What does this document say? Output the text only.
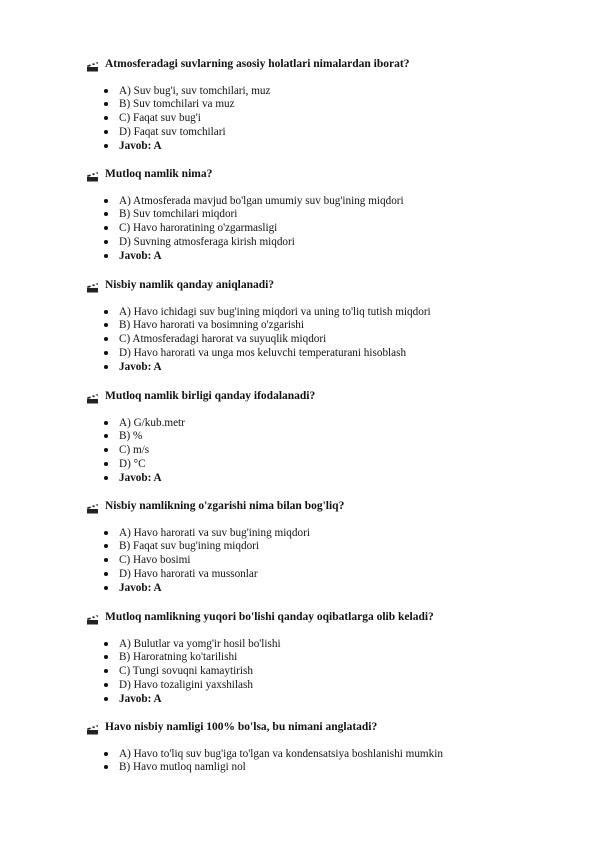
Atmosferadagi suvlarning asosiy holatlari nimalardan iborat?
A) Suv bug'i, suv tomchilari, muz
B) Suv tomchilari va muz
C) Faqat suv bug'i
D) Faqat suv tomchilari
Javob: A
Mutloq namlik nima?
A) Atmosferada mavjud bo'lgan umumiy suv bug'ining miqdori
B) Suv tomchilari miqdori
C) Havo haroratining o'zgarmasligi
D) Suvning atmosferaga kirish miqdori
Javob: A
Nisbiy namlik qanday aniqlanadi?
A) Havo ichidagi suv bug'ining miqdori va uning to'liq tutish miqdori
B) Havo harorati va bosimning o'zgarishi
C) Atmosferadagi harorat va suyuqlik miqdori
D) Havo harorati va unga mos keluvchi temperaturani hisoblash
Javob: A
Mutloq namlik birligi qanday ifodalanadi?
A) G/kub.metr
B) %
C) m/s
D) °C
Javob: A
Nisbiy namlikning o'zgarishi nima bilan bog'liq?
A) Havo harorati va suv bug'ining miqdori
B) Faqat suv bug'ining miqdori
C) Havo bosimi
D) Havo harorati va mussonlar
Javob: A
Mutloq namlikning yuqori bo'lishi qanday oqibatlarga olib keladi?
A) Bulutlar va yomg'ir hosil bo'lishi
B) Haroratning ko'tarilishi
C) Tungi sovuqni kamaytirish
D) Havo tozaligini yaxshilash
Javob: A
Havo nisbiy namligi 100% bo'lsa, bu nimani anglatadi?
A) Havo to'liq suv bug'iga to'lgan va kondensatsiya boshlanishi mumkin
B) Havo mutloq namligi nol
